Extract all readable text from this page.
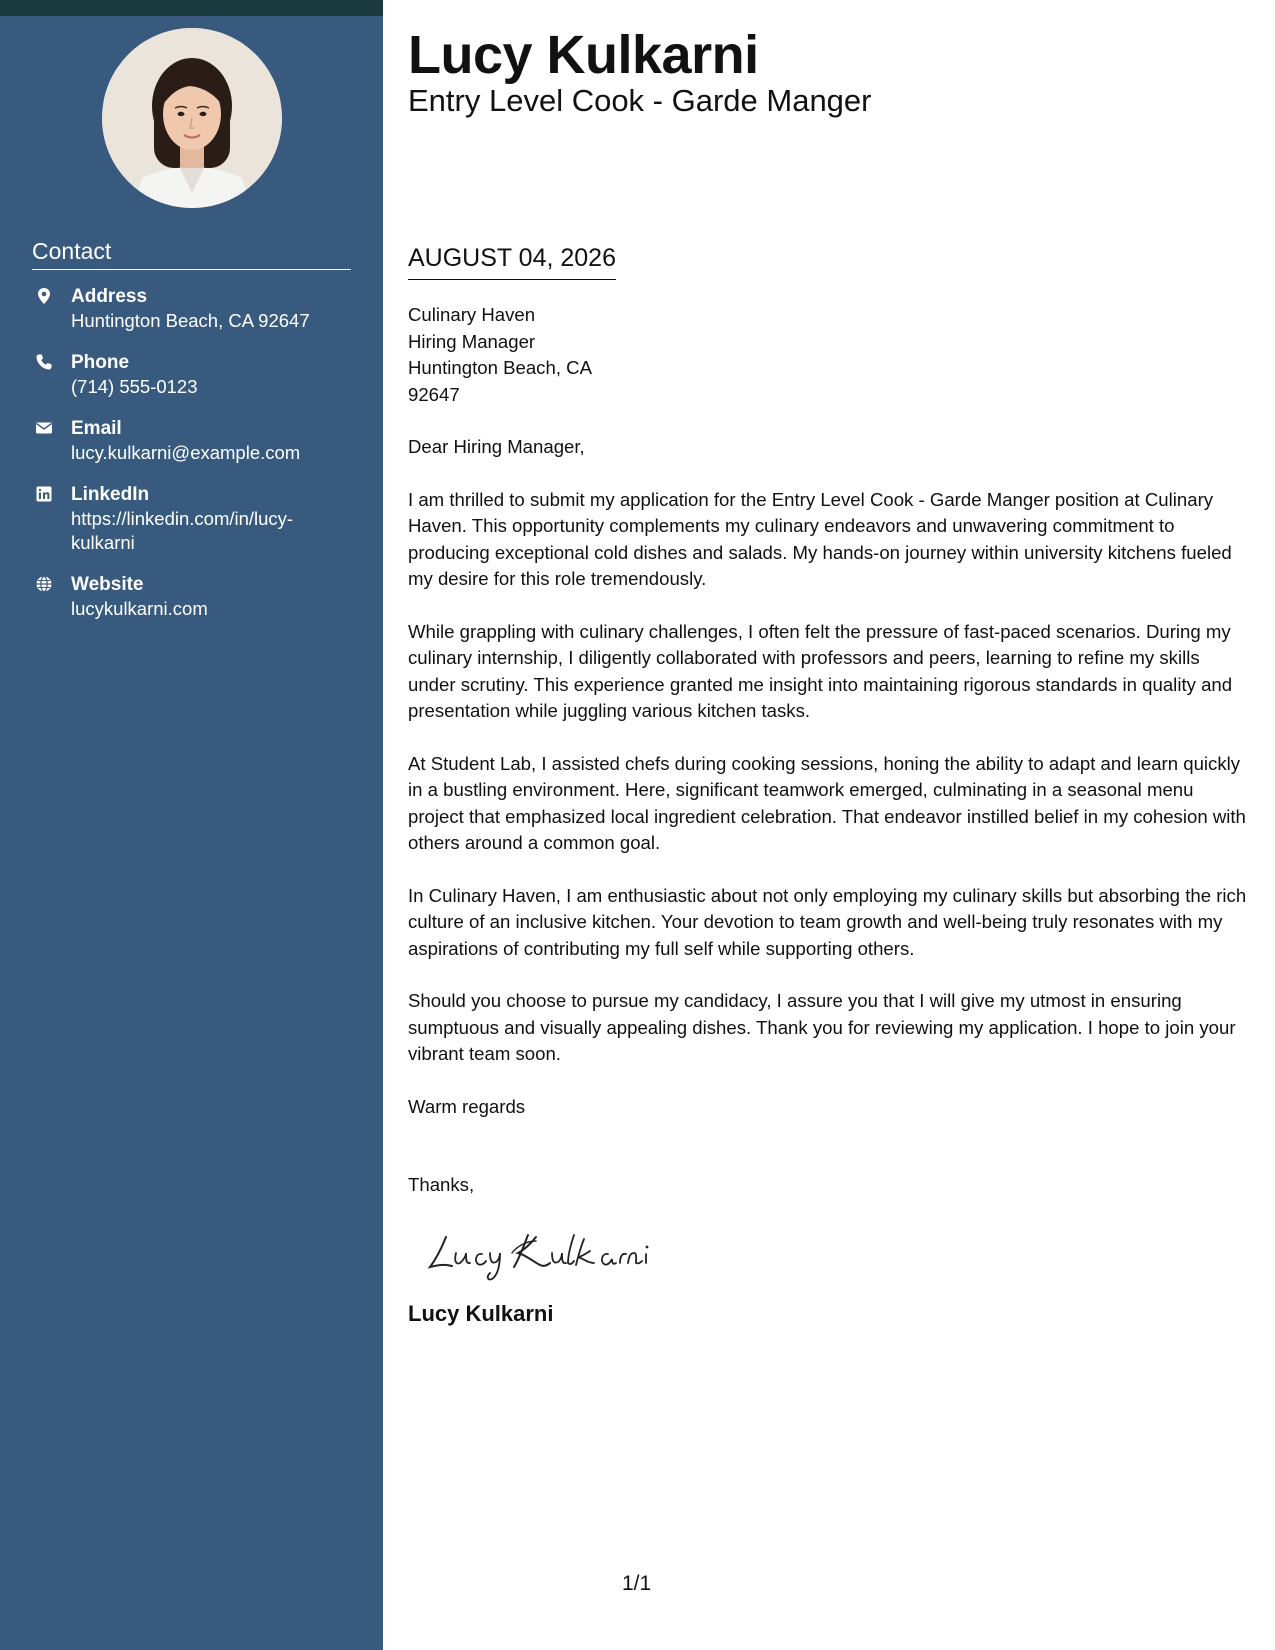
Contact
Address
Huntington Beach, CA 92647
Phone
(714) 555-0123
Email
lucy.kulkarni@example.com
LinkedIn
https://linkedin.com/in/lucy-kulkarni
Website
lucykulkarni.com
Lucy Kulkarni
Entry Level Cook - Garde Manger
AUGUST 04, 2026
Culinary Haven
Hiring Manager
Huntington Beach, CA
92647

Dear Hiring Manager,

I am thrilled to submit my application for the Entry Level Cook - Garde Manger position at Culinary Haven. This opportunity complements my culinary endeavors and unwavering commitment to producing exceptional cold dishes and salads. My hands-on journey within university kitchens fueled my desire for this role tremendously.

While grappling with culinary challenges, I often felt the pressure of fast-paced scenarios. During my culinary internship, I diligently collaborated with professors and peers, learning to refine my skills under scrutiny. This experience granted me insight into maintaining rigorous standards in quality and presentation while juggling various kitchen tasks.

At Student Lab, I assisted chefs during cooking sessions, honing the ability to adapt and learn quickly in a bustling environment. Here, significant teamwork emerged, culminating in a seasonal menu project that emphasized local ingredient celebration. That endeavor instilled belief in my cohesion with others around a common goal.

In Culinary Haven, I am enthusiastic about not only employing my culinary skills but absorbing the rich culture of an inclusive kitchen. Your devotion to team growth and well-being truly resonates with my aspirations of contributing my full self while supporting others.

Should you choose to pursue my candidacy, I assure you that I will give my utmost in ensuring sumptuous and visually appealing dishes. Thank you for reviewing my application. I hope to join your vibrant team soon.

Warm regards
Thanks,
Lucy Kulkarni
1/1
